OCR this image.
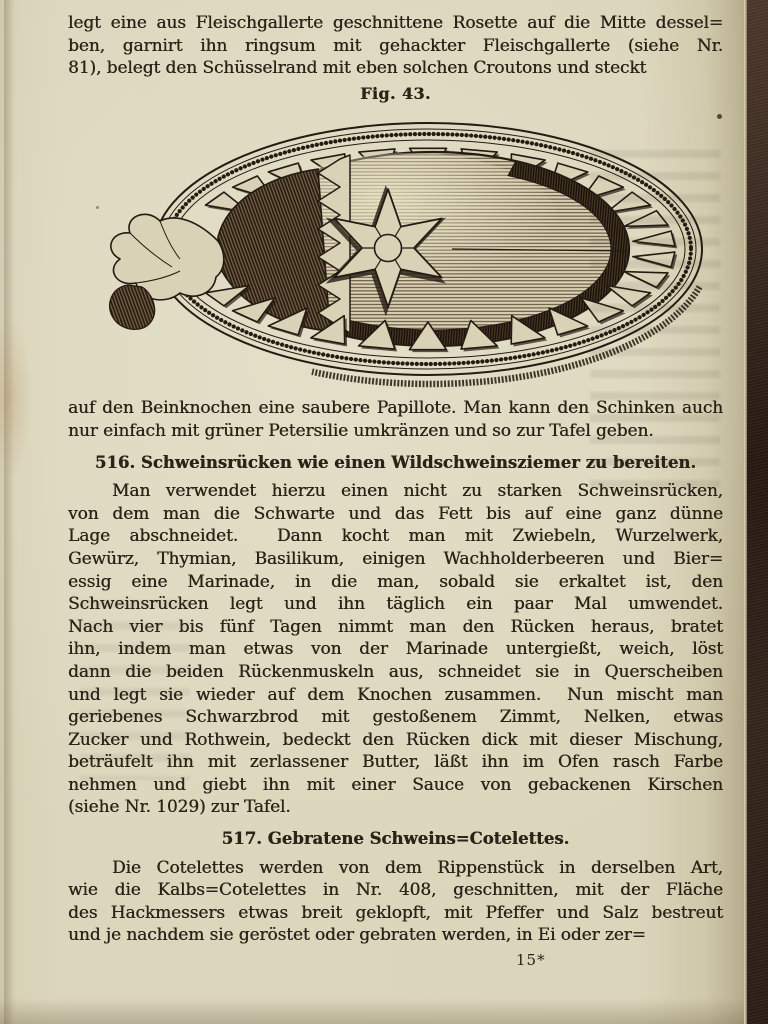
legt eine aus Fleischgallerte geschnittene Rosette auf die Mitte dessel=
ben, garnirt ihn ringsum mit gehackter Fleischgallerte (siehe Nr.
81), belegt den Schüsselrand mit eben solchen Croutons und steckt
Fig. 43.
auf den Beinknochen eine saubere Papillote. Man kann den Schinken auch
nur einfach mit grüner Petersilie umkränzen und so zur Tafel geben.
516. Schweinsrücken wie einen Wildschweinsziemer zu bereiten.
Man verwendet hierzu einen nicht zu starken Schweinsrücken,
von dem man die Schwarte und das Fett bis auf eine ganz dünne
Lage abschneidet.  Dann kocht man mit Zwiebeln, Wurzelwerk,
Gewürz, Thymian, Basilikum, einigen Wachholderbeeren und Bier=
essig eine Marinade, in die man, sobald sie erkaltet ist, den
Schweinsrücken legt und ihn täglich ein paar Mal umwendet.
Nach vier bis fünf Tagen nimmt man den Rücken heraus, bratet
ihn, indem man etwas von der Marinade untergießt, weich, löst
dann die beiden Rückenmuskeln aus, schneidet sie in Querscheiben
und legt sie wieder auf dem Knochen zusammen.  Nun mischt man
geriebenes Schwarzbrod mit gestoßenem Zimmt, Nelken, etwas
Zucker und Rothwein, bedeckt den Rücken dick mit dieser Mischung,
beträufelt ihn mit zerlassener Butter, läßt ihn im Ofen rasch Farbe
nehmen und giebt ihn mit einer Sauce von gebackenen Kirschen
(siehe Nr. 1029) zur Tafel.
517. Gebratene Schweins=Cotelettes.
Die Cotelettes werden von dem Rippenstück in derselben Art,
wie die Kalbs=Cotelettes in Nr. 408, geschnitten, mit der Fläche
des Hackmessers etwas breit geklopft, mit Pfeffer und Salz bestreut
und je nachdem sie geröstet oder gebraten werden, in Ei oder zer=
15*
